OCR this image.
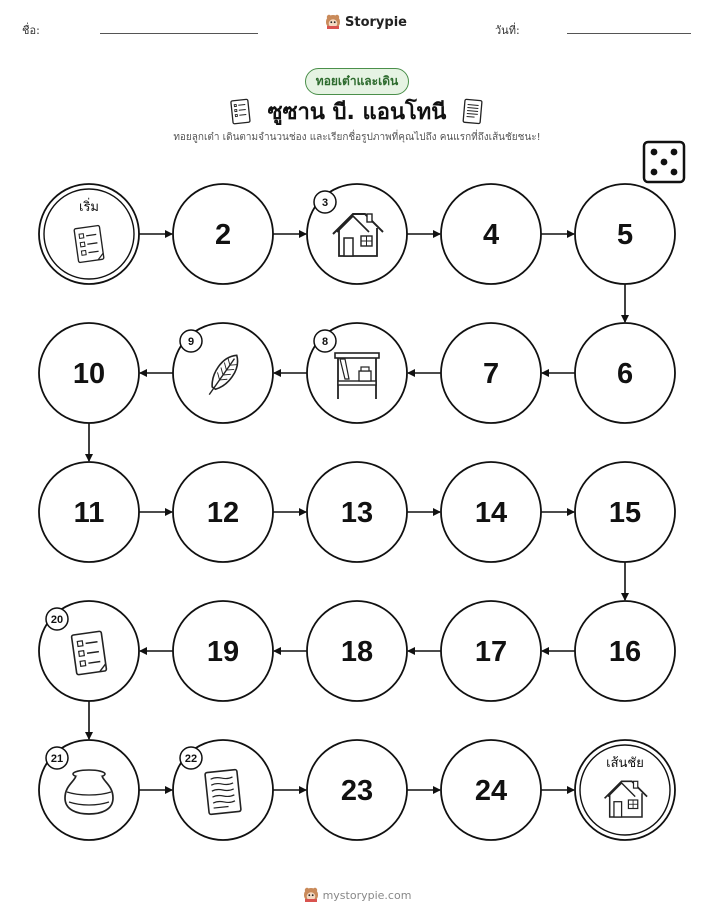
ชื่อ:
Storypie
วันที่:
ทอยเต๋าและเดิน
ซูซาน บี. แอนโทนี
ทอยลูกเต๋า เดินตามจำนวนช่อง และเรียกชื่อรูปภาพที่คุณไปถึง คนแรกที่ถึงเส้นชัยชนะ!
เริ่ม
2
3
4	5
6
7
8
9
10
11	12	13	14	15
16
17
18
19
20
21	22
23	24
เส้นชัย
mystorypie.com
